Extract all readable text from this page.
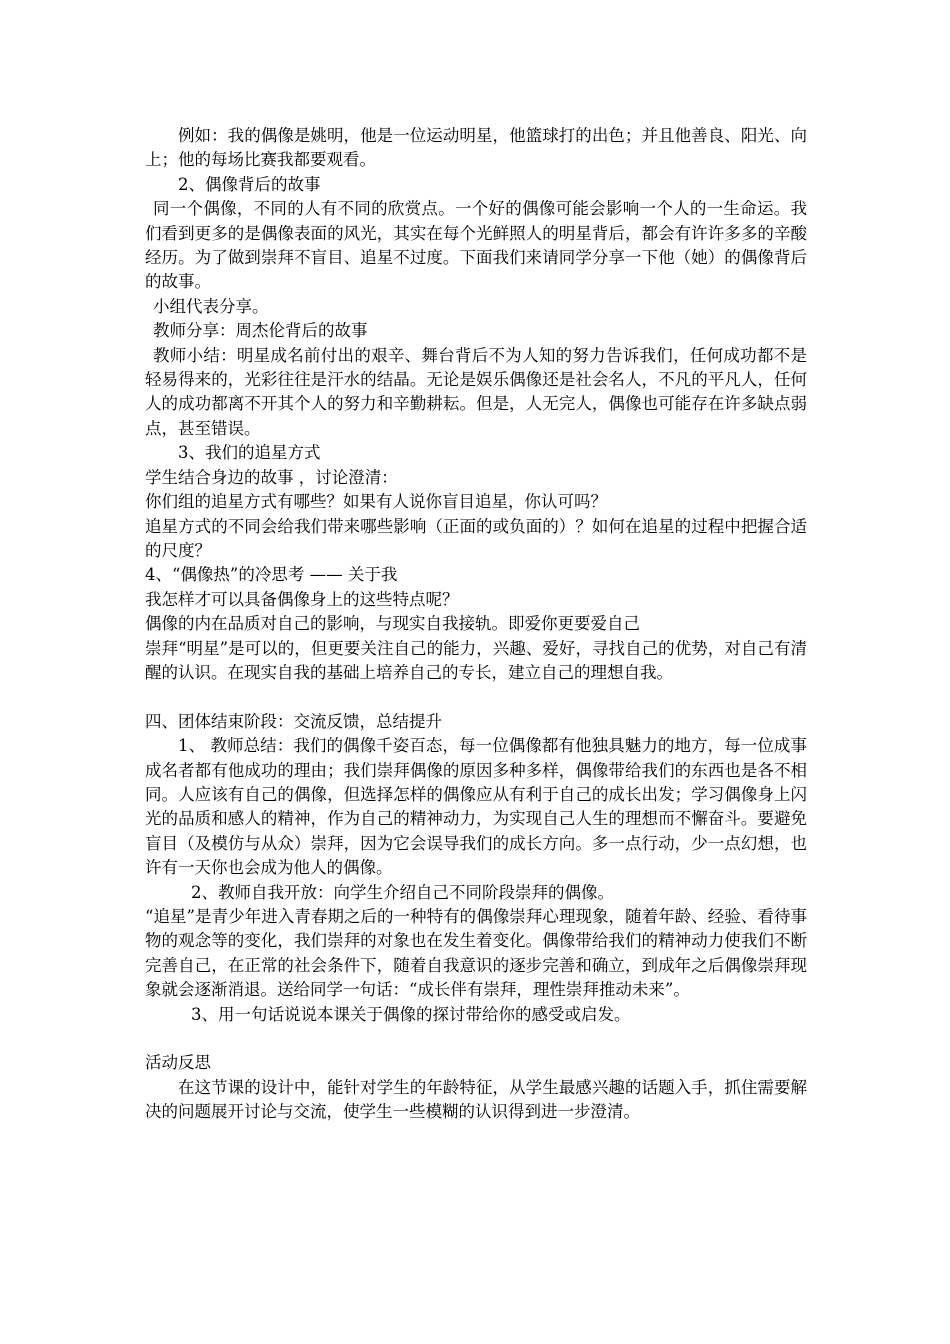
例如：我的偶像是姚明，他是一位运动明星，他篮球打的出色；并且他善良、阳光、向上；他的每场比赛我都要观看。

2、偶像背后的故事

同一个偶像，不同的人有不同的欣赏点。一个好的偶像可能会影响一个人的一生命运。我们看到更多的是偶像表面的风光，其实在每个光鲜照人的明星背后，都会有许许多多的辛酸经历。为了做到崇拜不盲目、追星不过度。下面我们来请同学分享一下他（她）的偶像背后的故事。

小组代表分享。

教师分享：周杰伦背后的故事

教师小结：明星成名前付出的艰辛、舞台背后不为人知的努力告诉我们，任何成功都不是轻易得来的，光彩往往是汗水的结晶。无论是娱乐偶像还是社会名人，不凡的平凡人，任何人的成功都离不开其个人的努力和辛勤耕耘。但是，人无完人，偶像也可能存在许多缺点弱点，甚至错误。

3、我们的追星方式

学生结合身边的故事 ，讨论澄清：

你们组的追星方式有哪些？如果有人说你盲目追星，你认可吗？

追星方式的不同会给我们带来哪些影响（正面的或负面的）？如何在追星的过程中把握合适的尺度？

4、“偶像热”的冷思考 —— 关于我

我怎样才可以具备偶像身上的这些特点呢？

偶像的内在品质对自己的影响，与现实自我接轨。即爱你更要爱自己

崇拜“明星”是可以的，但更要关注自己的能力，兴趣、爱好，寻找自己的优势，对自己有清醒的认识。在现实自我的基础上培养自己的专长，建立自己的理想自我。

四、团体结束阶段：交流反馈，总结提升

1、 教师总结：我们的偶像千姿百态，每一位偶像都有他独具魅力的地方，每一位成事成名者都有他成功的理由；我们崇拜偶像的原因多种多样，偶像带给我们的东西也是各不相同。人应该有自己的偶像，但选择怎样的偶像应从有利于自己的成长出发；学习偶像身上闪光的品质和感人的精神，作为自己的精神动力，为实现自己人生的理想而不懈奋斗。要避免盲目（及模仿与从众）崇拜，因为它会误导我们的成长方向。多一点行动，少一点幻想，也许有一天你也会成为他人的偶像。

2、教师自我开放：向学生介绍自己不同阶段崇拜的偶像。

“追星”是青少年进入青春期之后的一种特有的偶像崇拜心理现象，随着年龄、经验、看待事物的观念等的变化，我们崇拜的对象也在发生着变化。偶像带给我们的精神动力使我们不断完善自己，在正常的社会条件下，随着自我意识的逐步完善和确立，到成年之后偶像崇拜现象就会逐渐消退。送给同学一句话：“成长伴有崇拜，理性崇拜推动未来”。

3、用一句话说说本课关于偶像的探讨带给你的感受或启发。

活动反思

在这节课的设计中，能针对学生的年龄特征，从学生最感兴趣的话题入手，抓住需要解决的问题展开讨论与交流，使学生一些模糊的认识得到进一步澄清。
